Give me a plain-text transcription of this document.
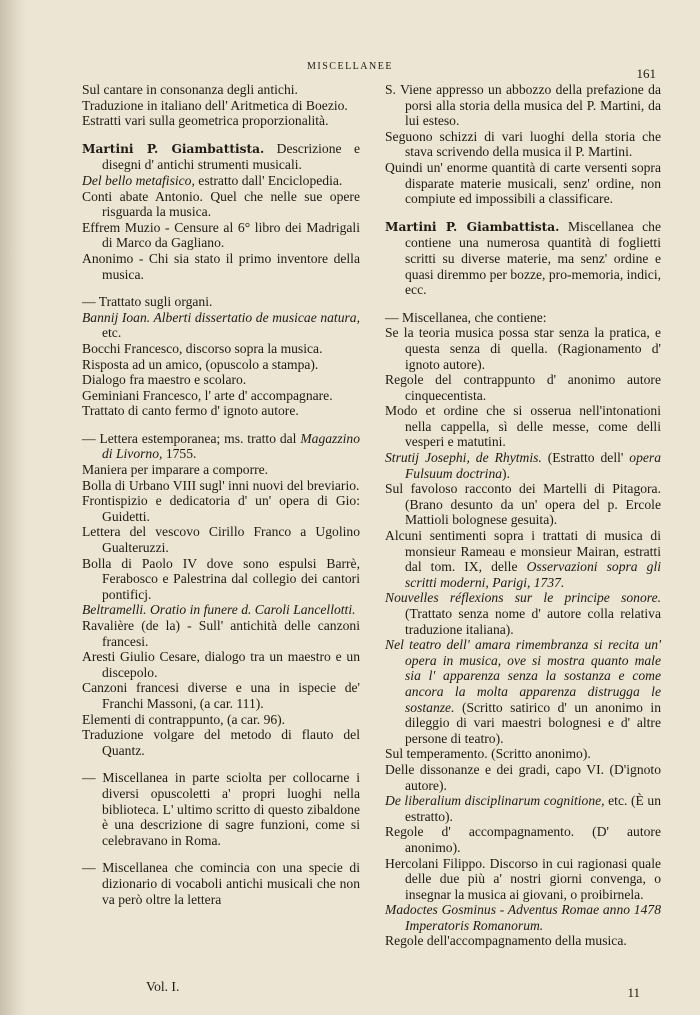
MISCELLANEE	161

Sul cantare in consonanza degli antichi.

Traduzione in italiano dell' Aritmetica di Boezio.

Estratti vari sulla geometrica proporzionalità.

Martini P. Giambattista. Descrizione e disegni d' antichi strumenti musicali.

Del bello metafisico, estratto dall' Enciclopedia.

Conti abate Antonio. Quel che nelle sue opere risguarda la musica.

Effrem Muzio - Censure al 6° libro dei Madrigali di Marco da Gagliano.

Anonimo - Chi sia stato il primo inventore della musica.

— Trattato sugli organi.

Bannij Ioan. Alberti dissertatio de musicae natura, etc.

Bocchi Francesco, discorso sopra la musica.

Risposta ad un amico, (opuscolo a stampa).

Dialogo fra maestro e scolaro.

Geminiani Francesco, l' arte d' accompagnare.

Trattato di canto fermo d' ignoto autore.

— Lettera estemporanea; ms. tratto dal Magazzino di Livorno, 1755.

Maniera per imparare a comporre.

Bolla di Urbano VIII sugl' inni nuovi del breviario.

Frontispizio e dedicatoria d' un' opera di Gio: Guidetti.

Lettera del vescovo Cirillo Franco a Ugolino Gualteruzzi.

Bolla di Paolo IV dove sono espulsi Barrè, Ferabosco e Palestrina dal collegio dei cantori pontificj.

Beltramelli. Oratio in funere d. Caroli Lancellotti.

Ravalière (de la) - Sull' antichità delle canzoni francesi.

Aresti Giulio Cesare, dialogo tra un maestro e un discepolo.

Canzoni francesi diverse e una in ispecie de' Franchi Massoni, (a car. 111).

Elementi di contrappunto, (a car. 96).

Traduzione volgare del metodo di flauto del Quantz.

— Miscellanea in parte sciolta per collocarne i diversi opuscoletti a' propri luoghi nella biblioteca. L' ultimo scritto di questo zibaldone è una descrizione di sagre funzioni, come si celebravano in Roma.

— Miscellanea che comincia con una specie di dizionario di vocaboli antichi musicali che non va però oltre la lettera

S. Viene appresso un abbozzo della prefazione da porsi alla storia della musica del P. Martini, da lui esteso.

Seguono schizzi di vari luoghi della storia che stava scrivendo della musica il P. Martini.

Quindi un' enorme quantità di carte versenti sopra disparate materie musicali, senz' ordine, non compiute ed impossibili a classificare.

Martini P. Giambattista. Miscellanea che contiene una numerosa quantità di foglietti scritti su diverse materie, ma senz' ordine e quasi diremmo per bozze, pro-memoria, indici, ecc.

— Miscellanea, che contiene:

Se la teoria musica possa star senza la pratica, e questa senza di quella. (Ragionamento d' ignoto autore).

Regole del contrappunto d' anonimo autore cinquecentista.

Modo et ordine che si osserua nell'intonationi nella cappella, sì delle messe, come delli vesperi e matutini.

Strutij Josephi, de Rhytmis. (Estratto dell' opera Fulsuum doctrina).

Sul favoloso racconto dei Martelli di Pitagora. (Brano desunto da un' opera del p. Ercole Mattioli bolognese gesuita).

Alcuni sentimenti sopra i trattati di musica di monsieur Rameau e monsieur Mairan, estratti dal tom. IX, delle Osservazioni sopra gli scritti moderni, Parigi, 1737.

Nouvelles réflexions sur le principe sonore. (Trattato senza nome d' autore colla relativa traduzione italiana).

Nel teatro dell' amara rimembranza si recita un' opera in musica, ove si mostra quanto male sia l' apparenza senza la sostanza e come ancora la molta apparenza distrugga le sostanze. (Scritto satirico d' un anonimo in dileggio di vari maestri bolognesi e d' altre persone di teatro).

Sul temperamento. (Scritto anonimo).

Delle dissonanze e dei gradi, capo VI. (D'ignoto autore).

De liberalium disciplinarum cognitione, etc. (È un estratto).

Regole d' accompagnamento. (D' autore anonimo).

Hercolani Filippo. Discorso in cui ragionasi quale delle due più a' nostri giorni convenga, o insegnar la musica ai giovani, o proibirnela.

Madoctes Gosminus - Adventus Romae anno 1478 Imperatoris Romanorum.

Regole dell'accompagnamento della musica.

Vol. I.	11
